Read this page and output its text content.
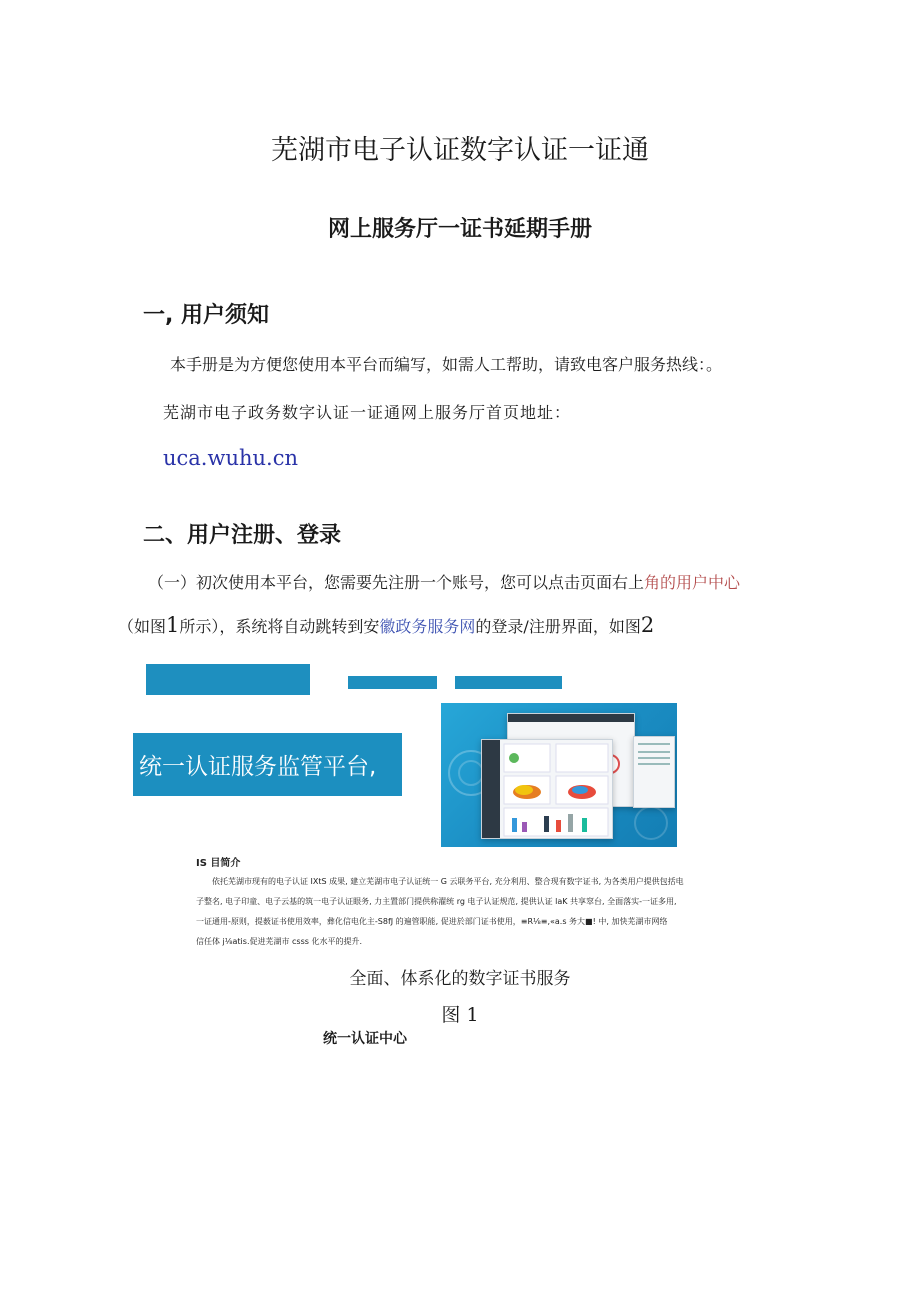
芜湖市电子认证数字认证一证通
网上服务厅一证书延期手册
一, 用户须知
本手册是为方便您使用本平台而编写，如需人工帮助，请致电客户服务热线：。
芜湖市电子政务数字认证一证通网上服务厅首页地址：
uca.wuhu.cn
二、用户注册、登录
（一）初次使用本平台，您需要先注册一个账号，您可以点击页面右上角的用户中心
（如图1所示），系统将自动跳转到安徽政务服务网的登录/注册界面，如图2
统一认证服务监管平台,
IS 目简介
依托芜湖市现有的电子认证 IXtS 成果, 建立芜湖市电子认证统一 G 云联务平台, 充分利用、整合现有数字证书, 为各类用户提供包括电
子整名, 电子印童、电子云基的筑一电子认证眼务, 力主置部门提供称濯统 rg 电子认证规范, 提供认证 laK 共享窣台, 全面落实-一证多用,
一证通用-原则，提薮证书使用效率，彝化信电化主-S8fJ 的遍管职能, 促进於部门证书使用，≡R⅛≡,«a.s 务大■! 中, 加快芜湖市网络
信任体 j⅛atis.促进芜湖市 csss 化水平的提升.
全面、体系化的数字证书服务
图 1
统一认证中心
